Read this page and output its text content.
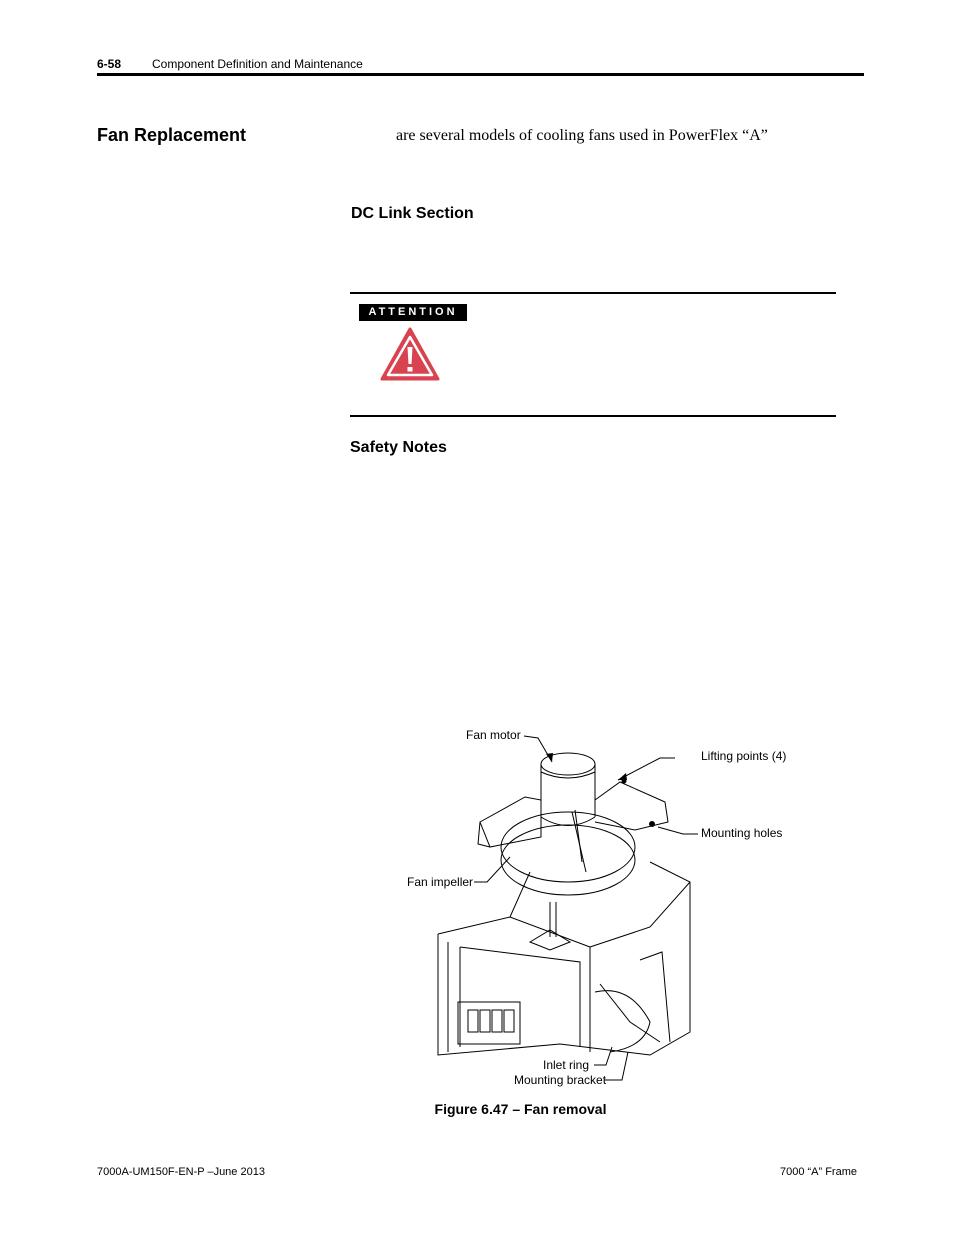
6-58	Component Definition and Maintenance
Fan Replacement	are several models of cooling fans used in PowerFlex “A”
DC Link Section
ATTENTION
Safety Notes
Fan motor
Lifting points (4)
Mounting holes
Fan impeller
Inlet ring
Mounting bracket
Figure 6.47 – Fan removal
7000A-UM150F-EN-P –June 2013	7000 “A” Frame
